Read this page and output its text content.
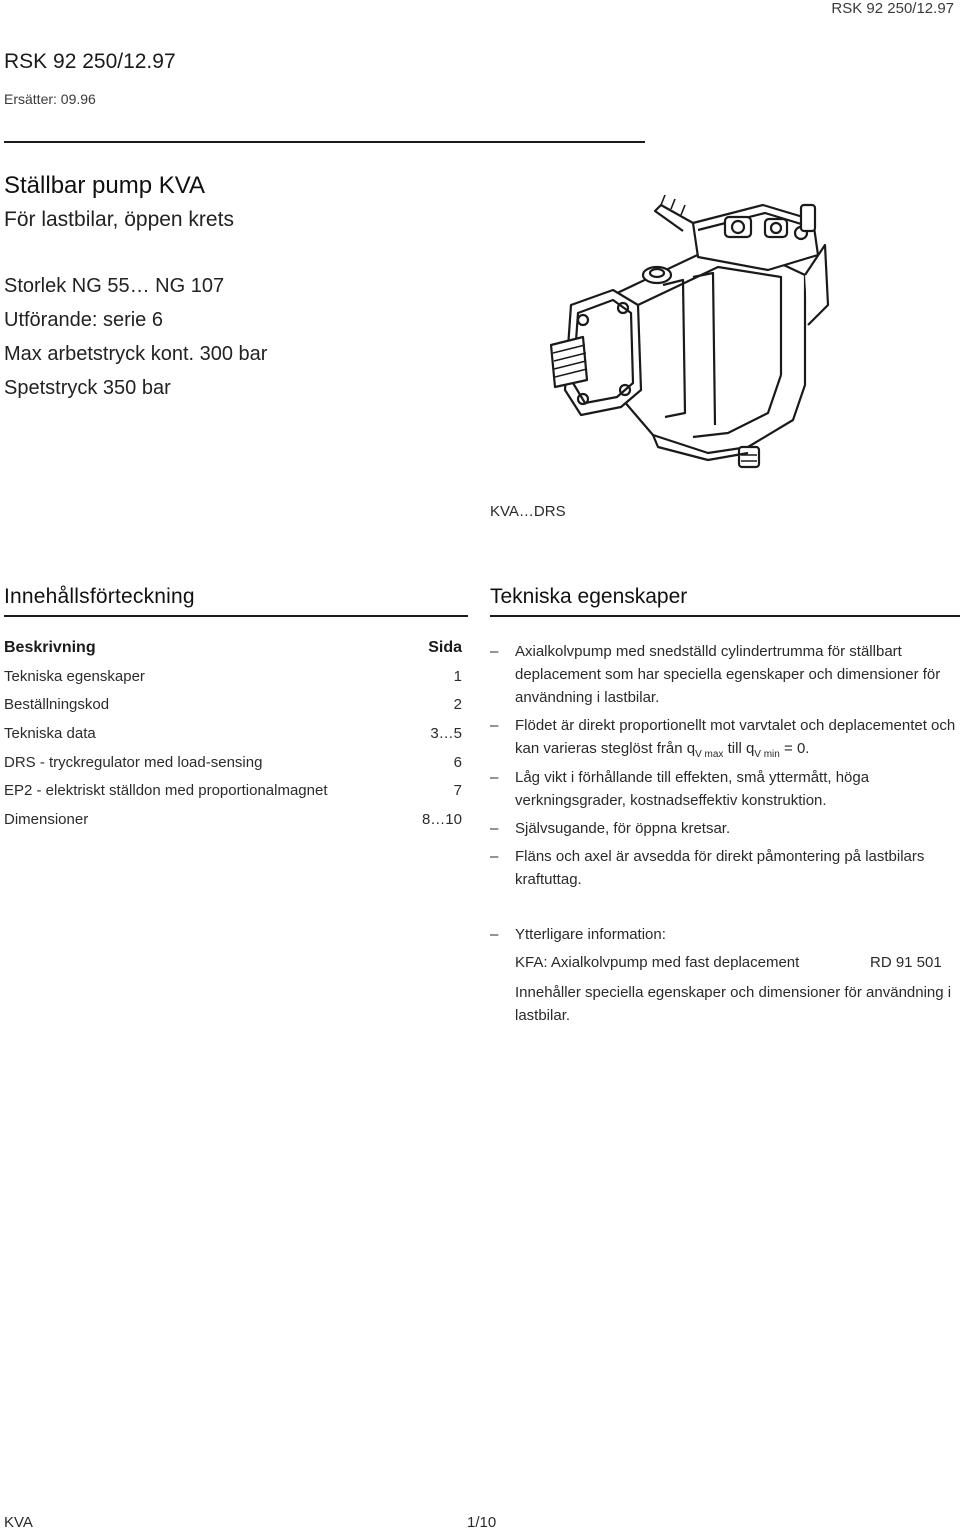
RSK 92 250/12.97
RSK 92 250/12.97
Ersätter: 09.96
Ställbar pump KVA
För lastbilar, öppen krets
Storlek NG 55… NG 107
Utförande: serie 6
Max arbetstryck kont. 300 bar
Spetstryck 350 bar
KVA…DRS
Innehållsförteckning
Beskrivning	Sida
Tekniska egenskaper	1
Beställningskod	2
Tekniska data	3…5
DRS - tryckregulator med load-sensing	6
EP2 - elektriskt ställdon med proportionalmagnet	7
Dimensioner	8…10
Tekniska egenskaper
– Axialkolvpump med snedställd cylindertrumma för ställbart deplacement som har speciella egenskaper och dimensioner för användning i lastbilar.
– Flödet är direkt proportionellt mot varvtalet och deplacementet och kan varieras steglöst från $q_{V max}$ till $q_{V min} = 0$.
– Låg vikt i förhållande till effekten, små yttermått, höga verkningsgrader, kostnadseffektiv konstruktion.
– Självsugande, för öppna kretsar.
– Fläns och axel är avsedda för direkt påmontering på lastbilars kraftuttag.
– Ytterligare information:
KFA: Axialkolvpump med fast deplacement	RD 91 501
Innehåller speciella egenskaper och dimensioner för användning i lastbilar.
KVA	1/10
